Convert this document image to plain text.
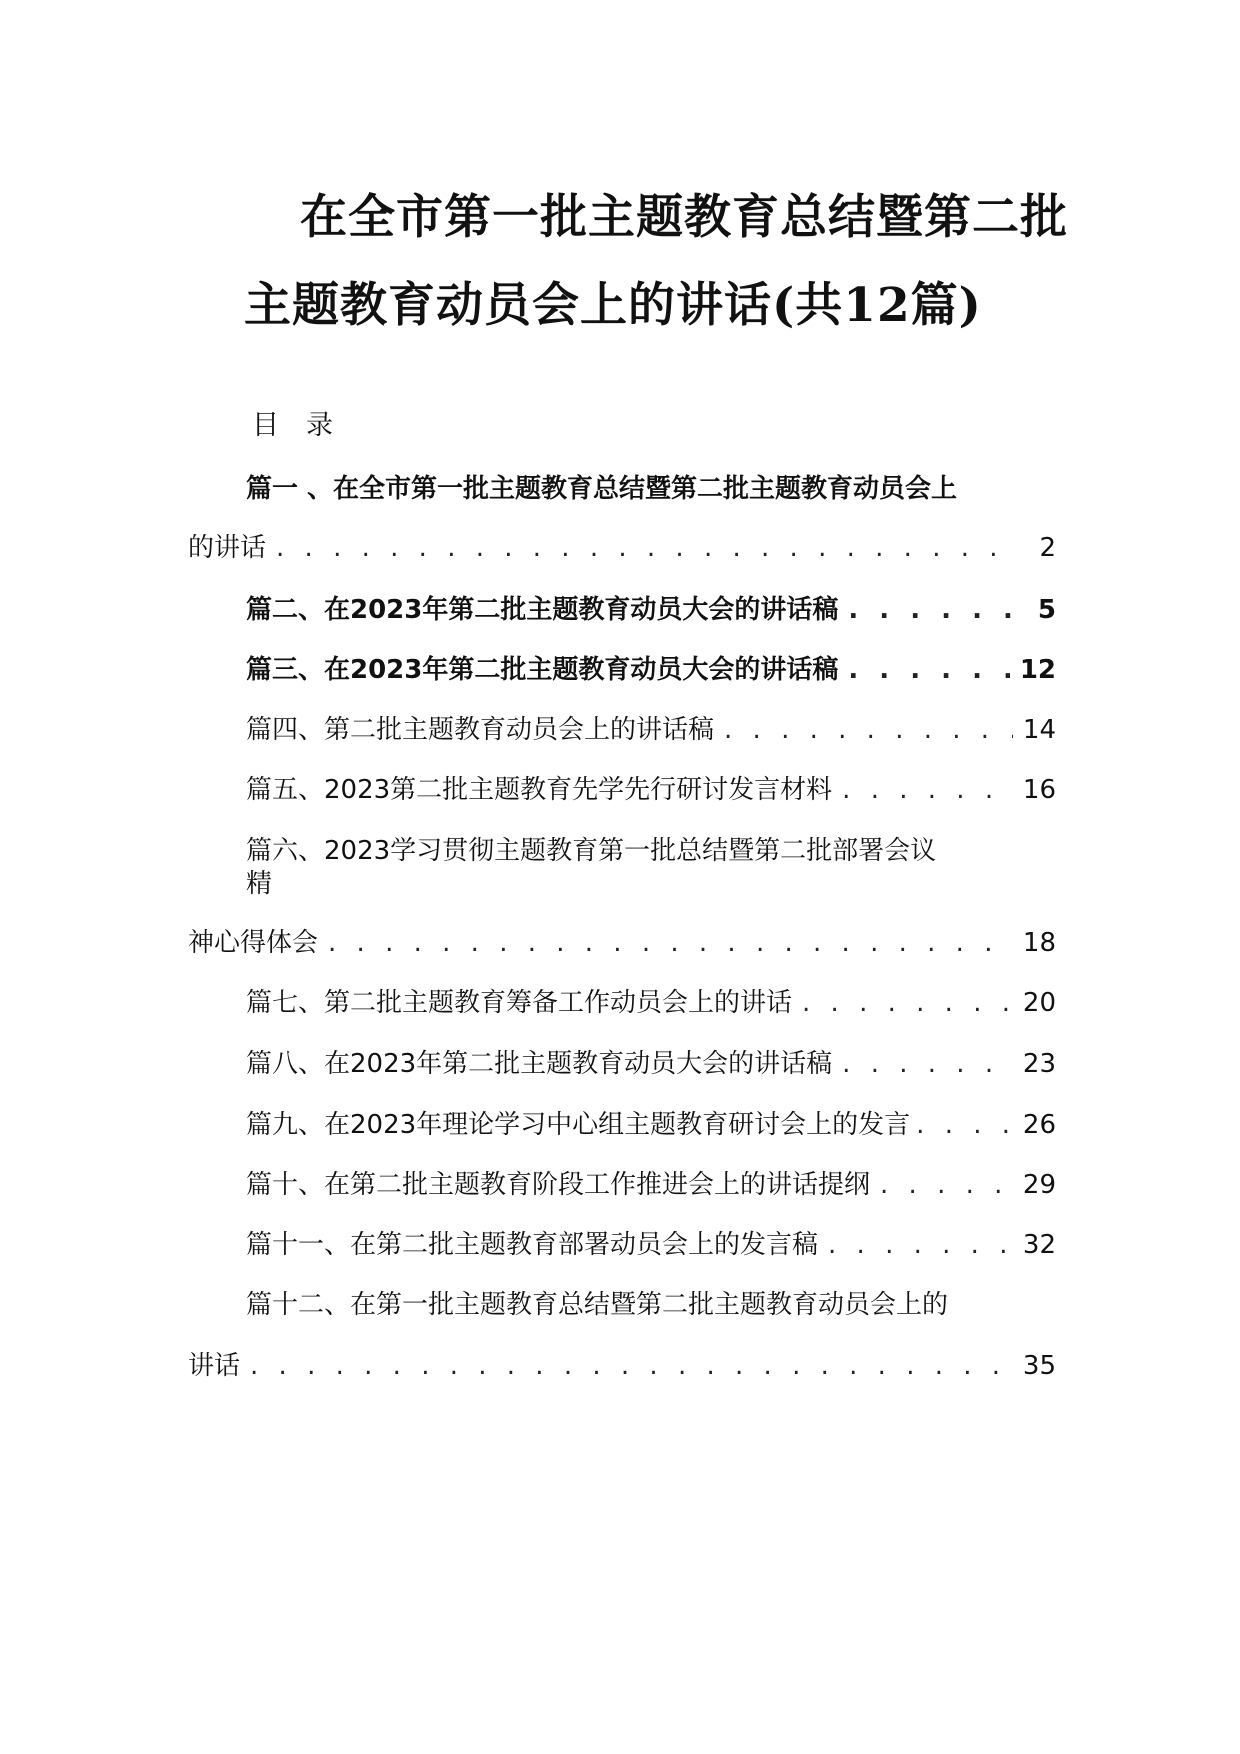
在全市第一批主题教育总结暨第二批
主题教育动员会上的讲话(共12篇)
目　录
篇一 、在全市第一批主题教育总结暨第二批主题教育动员会上
的讲话 . . .	2
篇二、在2023年第二批主题教育动员大会的讲话稿 . . .	5
篇三、在2023年第二批主题教育动员大会的讲话稿 . . .	12
篇四、第二批主题教育动员会上的讲话稿 . . .	14
篇五、2023第二批主题教育先学先行研讨发言材料 . . .	16
篇六、2023学习贯彻主题教育第一批总结暨第二批部署会议
精
神心得体会 . . .	18
篇七、第二批主题教育筹备工作动员会上的讲话 . . .	20
篇八、在2023年第二批主题教育动员大会的讲话稿 . . .	23
篇九、在2023年理论学习中心组主题教育研讨会上的发言 . . .	26
篇十、在第二批主题教育阶段工作推进会上的讲话提纲 . . .	29
篇十一、在第二批主题教育部署动员会上的发言稿 . . .	32
篇十二、在第一批主题教育总结暨第二批主题教育动员会上的
讲话 . . .	35
